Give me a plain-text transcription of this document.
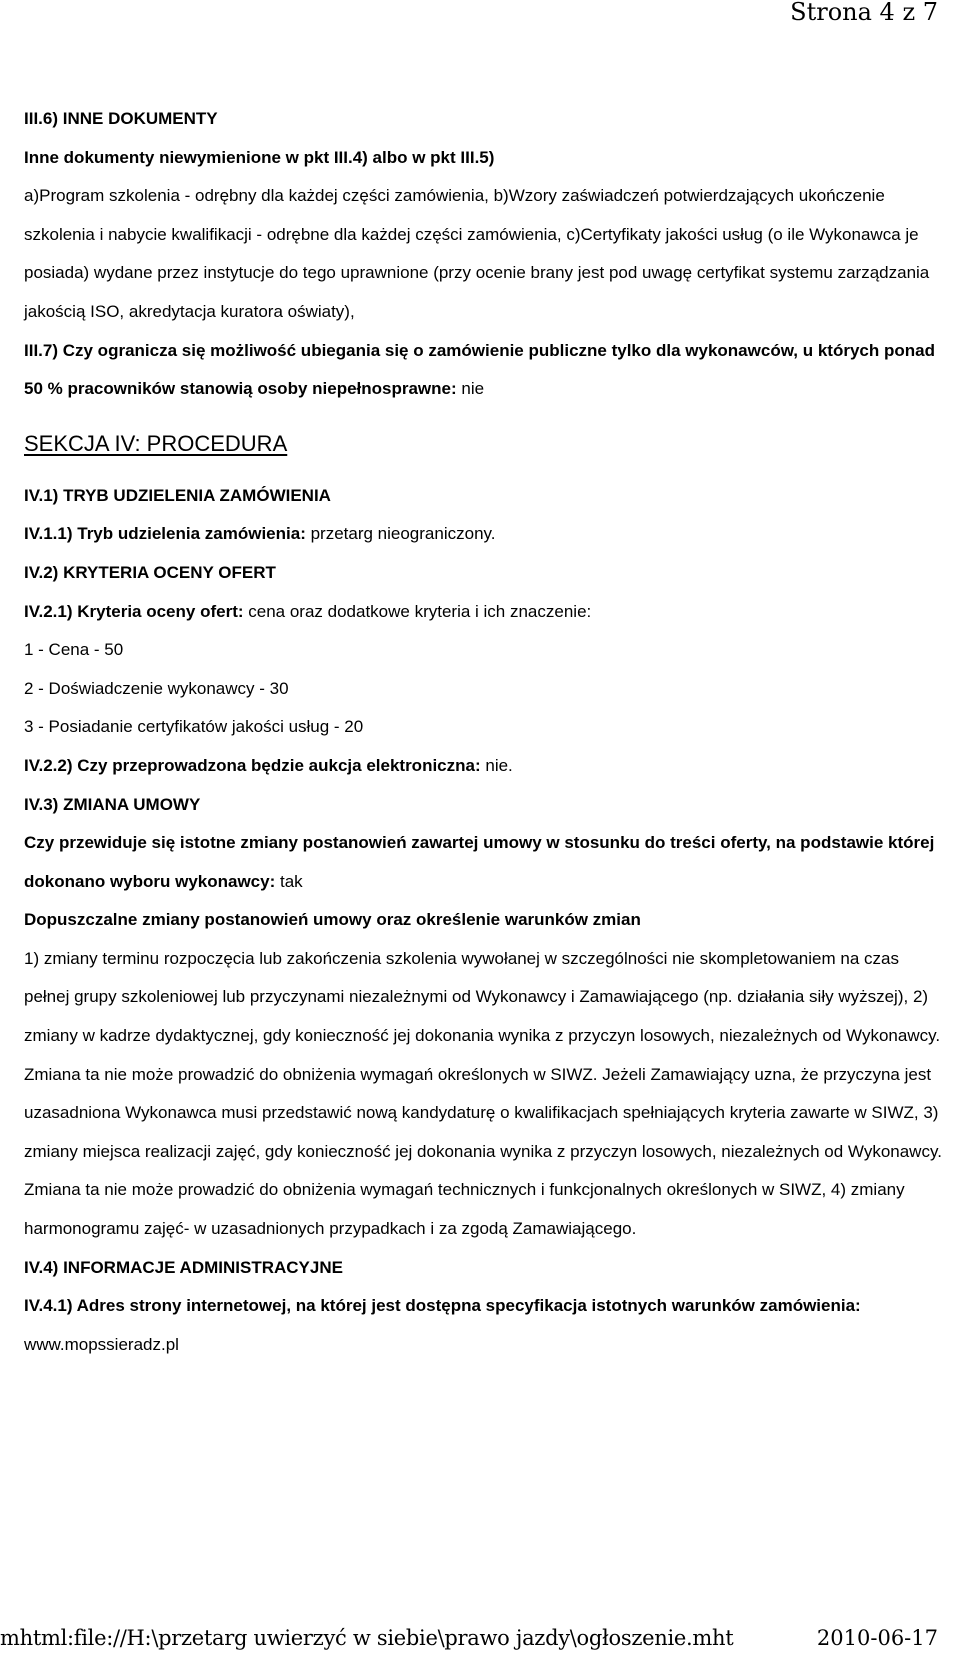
Strona 4 z 7

III.6) INNE DOKUMENTY

Inne dokumenty niewymienione w pkt III.4) albo w pkt III.5)

a)Program szkolenia - odrębny dla każdej części zamówienia, b)Wzory zaświadczeń potwierdzających ukończenie szkolenia i nabycie kwalifikacji - odrębne dla każdej części zamówienia, c)Certyfikaty jakości usług (o ile Wykonawca je posiada) wydane przez instytucje do tego uprawnione (przy ocenie brany jest pod uwagę certyfikat systemu zarządzania jakością ISO, akredytacja kuratora oświaty),

III.7) Czy ogranicza się możliwość ubiegania się o zamówienie publiczne tylko dla wykonawców, u których ponad 50 % pracowników stanowią osoby niepełnosprawne: nie

SEKCJA IV: PROCEDURA

IV.1) TRYB UDZIELENIA ZAMÓWIENIA

IV.1.1) Tryb udzielenia zamówienia: przetarg nieograniczony.

IV.2) KRYTERIA OCENY OFERT

IV.2.1) Kryteria oceny ofert: cena oraz dodatkowe kryteria i ich znaczenie:

1 - Cena - 50

2 - Doświadczenie wykonawcy - 30

3 - Posiadanie certyfikatów jakości usług - 20

IV.2.2) Czy przeprowadzona będzie aukcja elektroniczna: nie.

IV.3) ZMIANA UMOWY

Czy przewiduje się istotne zmiany postanowień zawartej umowy w stosunku do treści oferty, na podstawie której dokonano wyboru wykonawcy: tak

Dopuszczalne zmiany postanowień umowy oraz określenie warunków zmian

1) zmiany terminu rozpoczęcia lub zakończenia szkolenia wywołanej w szczególności nie skompletowaniem na czas pełnej grupy szkoleniowej lub przyczynami niezależnymi od Wykonawcy i Zamawiającego (np. działania siły wyższej), 2) zmiany w kadrze dydaktycznej, gdy konieczność jej dokonania wynika z przyczyn losowych, niezależnych od Wykonawcy. Zmiana ta nie może prowadzić do obniżenia wymagań określonych w SIWZ. Jeżeli Zamawiający uzna, że przyczyna jest uzasadniona Wykonawca musi przedstawić nową kandydaturę o kwalifikacjach spełniających kryteria zawarte w SIWZ, 3) zmiany miejsca realizacji zajęć, gdy konieczność jej dokonania wynika z przyczyn losowych, niezależnych od Wykonawcy. Zmiana ta nie może prowadzić do obniżenia wymagań technicznych i funkcjonalnych określonych w SIWZ, 4) zmiany harmonogramu zajęć- w uzasadnionych przypadkach i za zgodą Zamawiającego.

IV.4) INFORMACJE ADMINISTRACYJNE

IV.4.1) Adres strony internetowej, na której jest dostępna specyfikacja istotnych warunków zamówienia: www.mopssieradz.pl

mhtml:file://H:\przetarg uwierzyć w siebie\prawo jazdy\ogłoszenie.mht	2010-06-17
